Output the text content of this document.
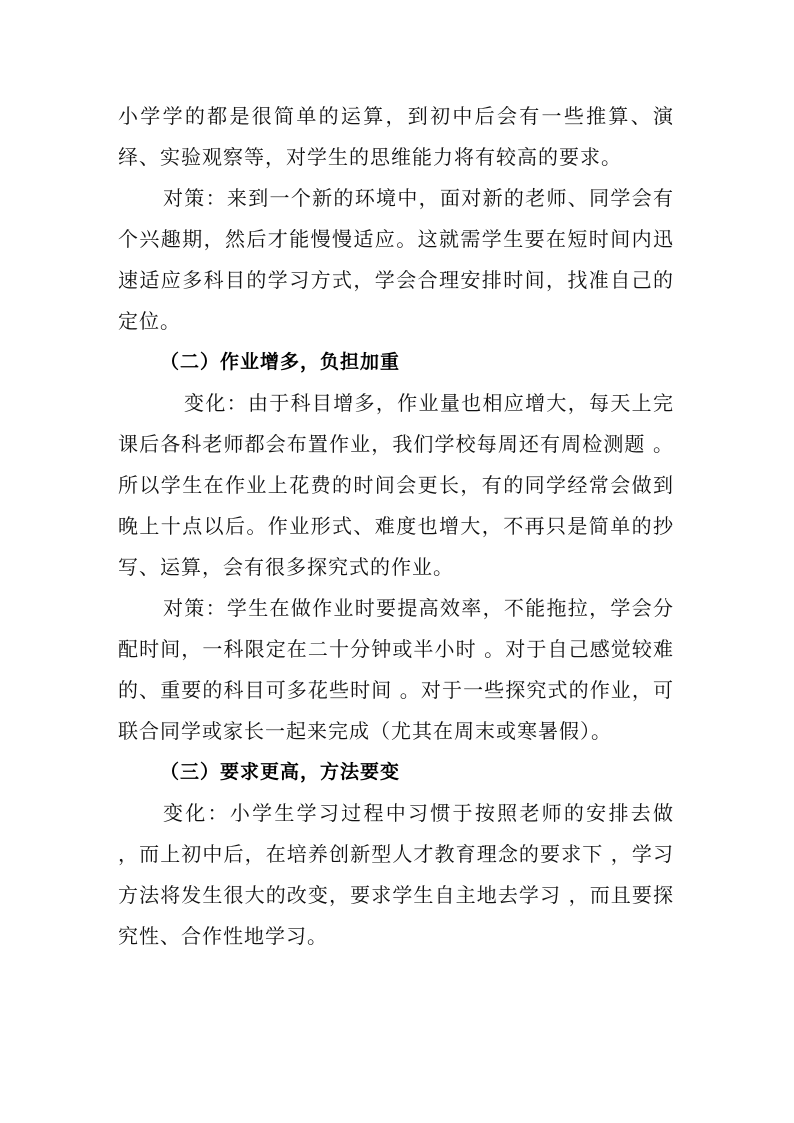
小学学的都是很简单的运算，到初中后会有一些推算、演绎、实验观察等，对学生的思维能力将有较高的要求。

对策：来到一个新的环境中，面对新的老师、同学会有个兴趣期，然后才能慢慢适应。这就需学生要在短时间内迅速适应多科目的学习方式，学会合理安排时间，找准自己的定位。

（二）作业增多，负担加重

变化：由于科目增多，作业量也相应增大，每天上完课后各科老师都会布置作业，我们学校每周还有周检测题 。所以学生在作业上花费的时间会更长，有的同学经常会做到晚上十点以后。作业形式、难度也增大，不再只是简单的抄写、运算，会有很多探究式的作业。

对策：学生在做作业时要提高效率，不能拖拉，学会分配时间，一科限定在二十分钟或半小时 。对于自己感觉较难的、重要的科目可多花些时间 。对于一些探究式的作业，可联合同学或家长一起来完成（尤其在周末或寒暑假）。

（三）要求更高，方法要变

变化：小学生学习过程中习惯于按照老师的安排去做 ，而上初中后，在培养创新型人才教育理念的要求下 ，学习方法将发生很大的改变，要求学生自主地去学习 ，而且要探究性、合作性地学习。
